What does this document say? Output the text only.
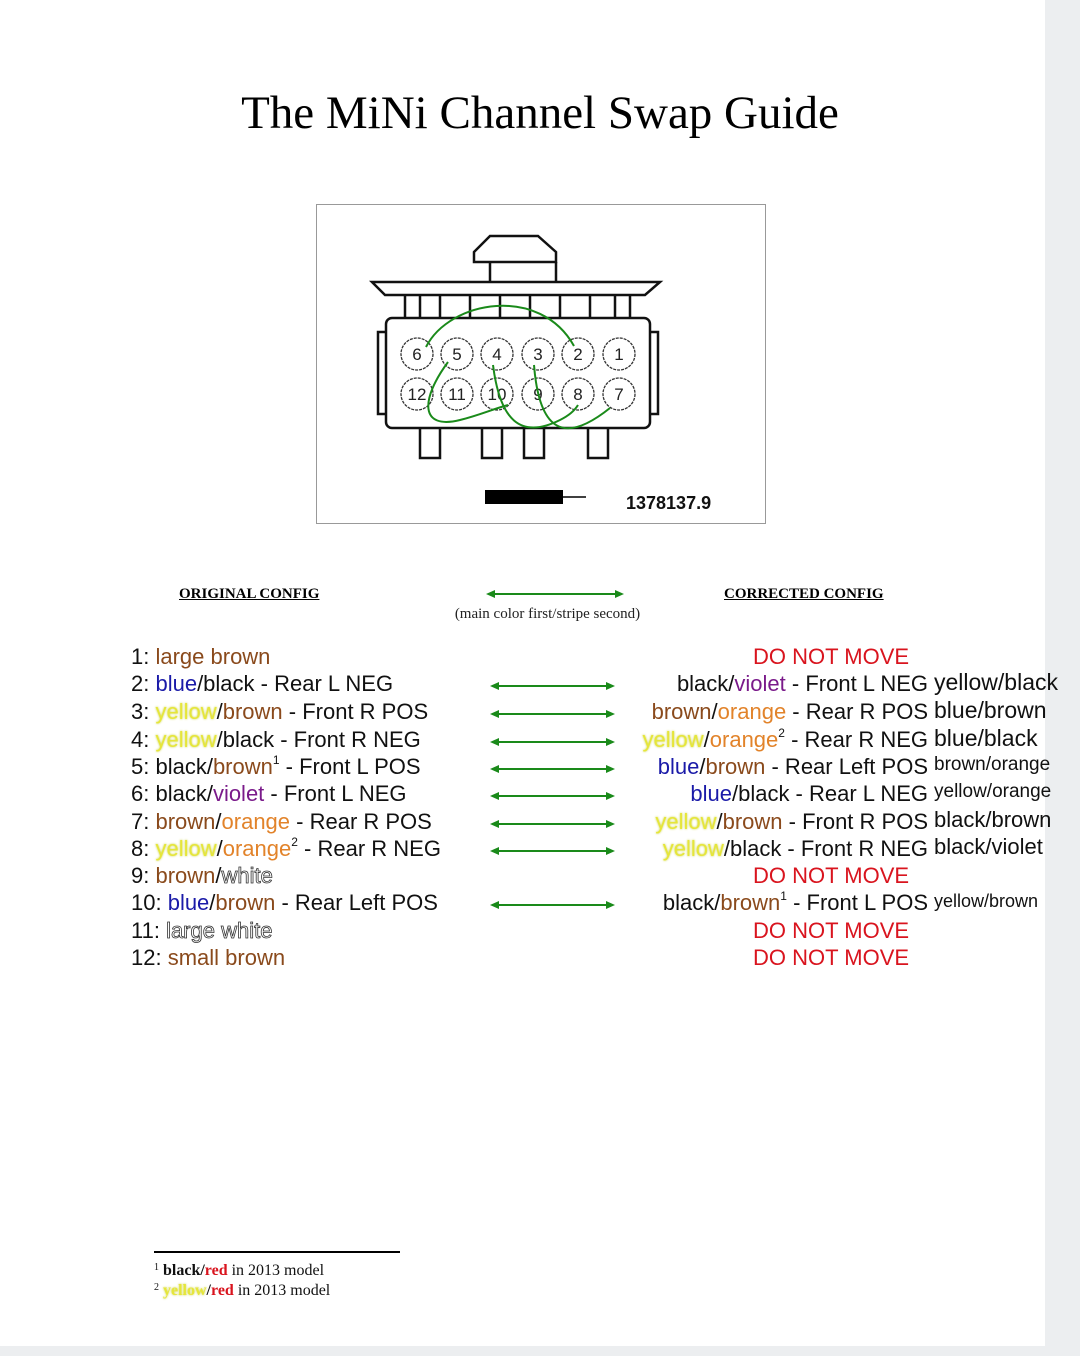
The MiNi Channel Swap Guide
6 5 4 3 2 1
12 11 10 9 8 7
1378137.9
ORIGINAL CONFIG	CORRECTED CONFIG
(main color first/stripe second)
1: large brown
2: blue/black - Rear L NEG
3: yellow/brown - Front R POS
4: yellow/black - Front R NEG
5: black/brown$^1$ - Front L POS
6: black/violet - Front L NEG
7: brown/orange - Rear R POS
8: yellow/orange$^2$ - Rear R NEG
9: brown/white
10: blue/brown - Rear Left POS
11: large white
12: small brown
DO NOT MOVE
black/violet - Front L NEG
brown/orange - Rear R POS
yellow/orange$^2$ - Rear R NEG
blue/brown - Rear Left POS
blue/black - Rear L NEG
yellow/brown - Front R POS
yellow/black - Front R NEG
DO NOT MOVE
black/brown$^1$ - Front L POS
DO NOT MOVE
DO NOT MOVE
yellow/black
blue/brown
blue/black
brown/orange
yellow/orange
black/brown
black/violet
yellow/brown
$^1$ black/red in 2013 model
$^2$ yellow/red in 2013 model
